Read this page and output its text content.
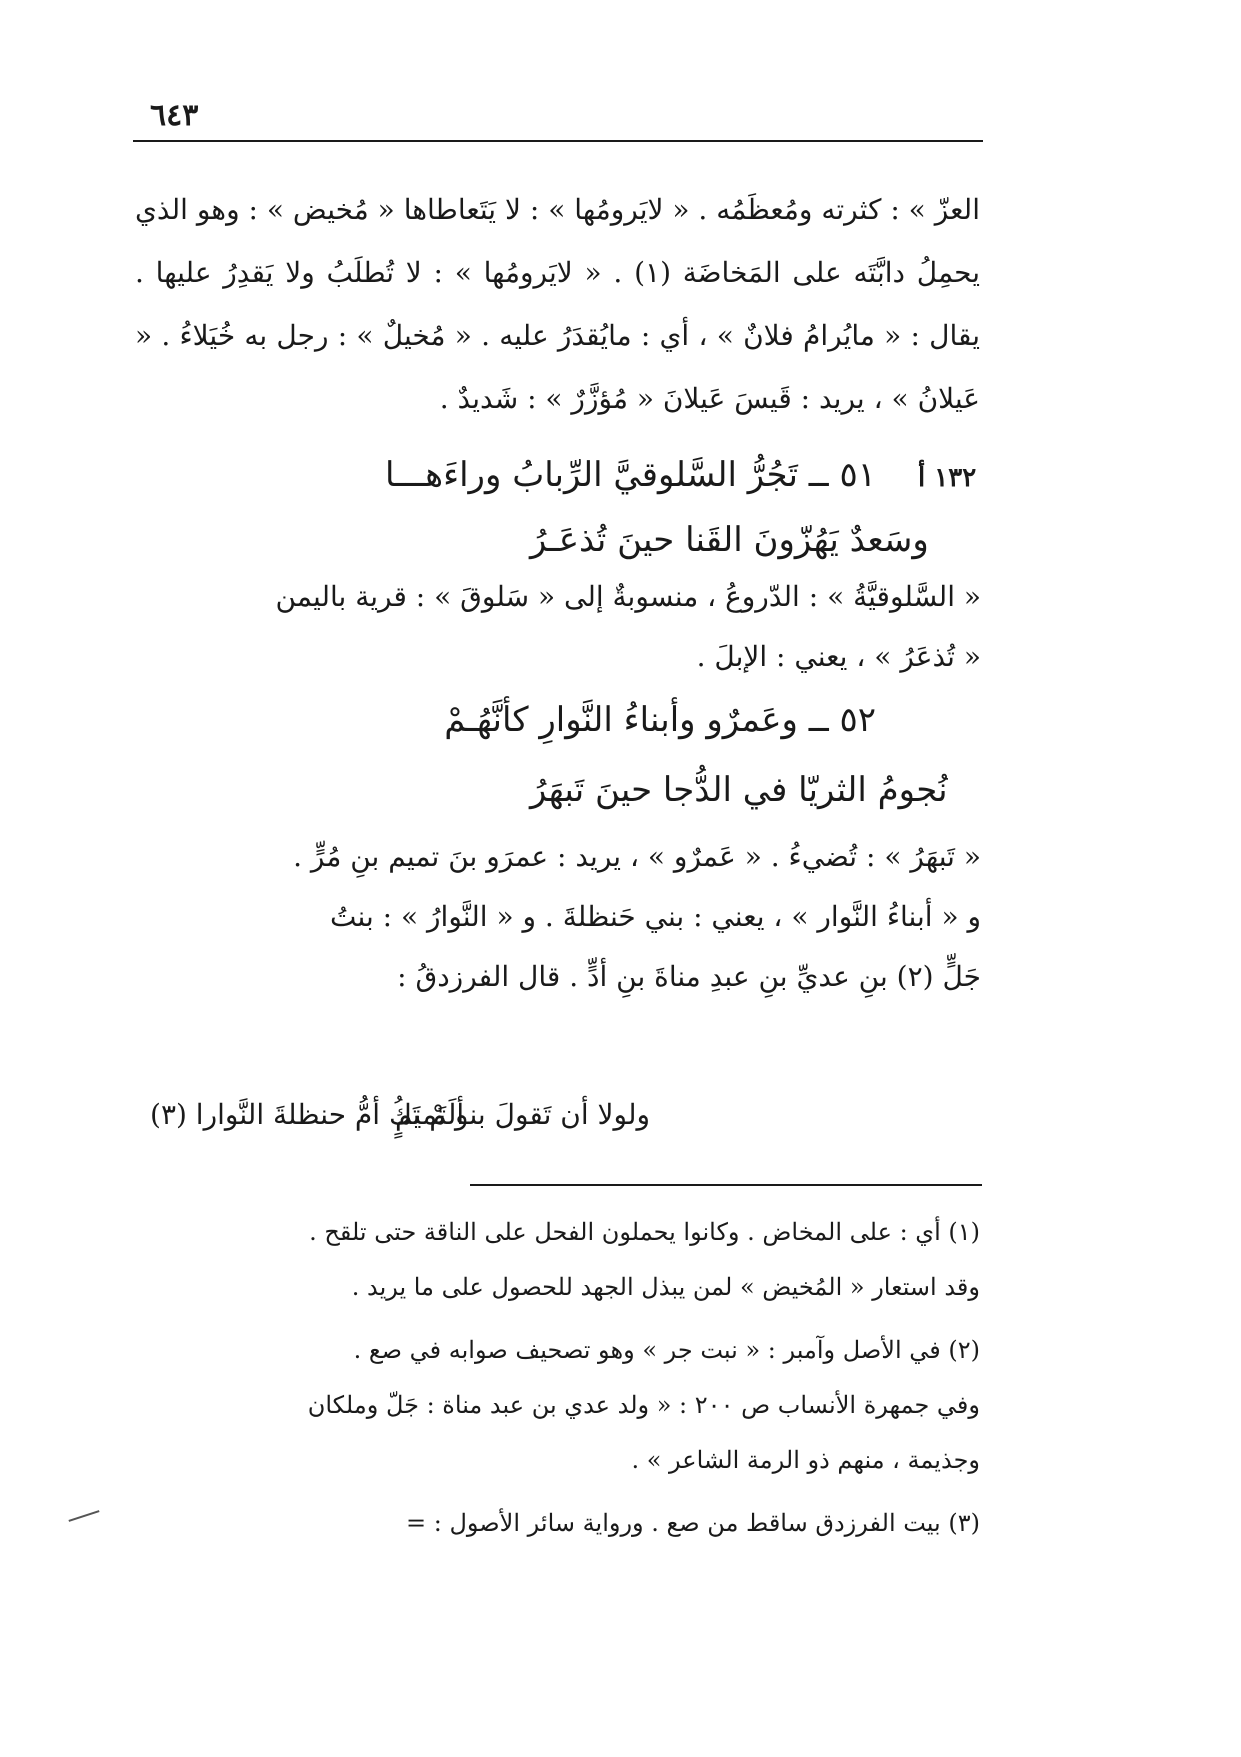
٦٤٣

العزّ » : كثرته ومُعظَمُه . « لايَرومُها » : لا يَتَعاطاها « مُخيض » : وهو الذي يحمِلُ دابَّتَه على المَخاضَة (١) . « لايَرومُها » : لا تُطلَبُ ولا يَقدِرُ عليها . يقال : « مايُرامُ فلانٌ » ، أي : مايُقدَرُ عليه . « مُخيلٌ » : رجل به خُيَلاءُ . « عَيلانُ » ، يريد : قَيسَ عَيلانَ « مُؤزَّرٌ » : شَديدٌ .

١٣٢ أ
٥١ ــ تَجُرُّ السَّلوقيَّ الرِّبابُ وراءَهـــا
وسَعدٌ يَهُزّونَ القَنا حينَ تُذعَـرُ
« السَّلوقيَّةُ » : الدّروعُ ، منسوبةٌ إلى « سَلوقَ » : قرية باليمن
« تُذعَرُ » ، يعني : الإبلَ .
٥٢ ــ وعَمرٌو وأبناءُ النَّوارِ كأنَّهُـمْ
نُجومُ الثريّا في الدُّجا حينَ تَبهَرُ
« تَبهَرُ » : تُضيءُ . « عَمرٌو » ، يريد : عمرَو بنَ تميم بنِ مُرٍّ .
و « أبناءُ النَّوار » ، يعني : بني حَنظلةَ . و « النَّوارُ » : بنتُ
جَلٍّ (٢) بنِ عديِّ بنِ عبدِ مناةَ بنِ أدٍّ . قال الفرزدقُ :
ولولا أن تَقولَ بنو تَميمٍ
ألَمْ تَكُ أمُّ حنظلةَ النَّوارا (٣)

(١) أي : على المخاض . وكانوا يحملون الفحل على الناقة حتى تلقح .

وقد استعار « المُخيض » لمن يبذل الجهد للحصول على ما يريد .

(٢) في الأصل وآمبر : « نبت جر » وهو تصحيف صوابه في صع .

وفي جمهرة الأنساب ص ٢٠٠ : « ولد عدي بن عبد مناة : جَلّ وملكان

وجذيمة ، منهم ذو الرمة الشاعر » .

(٣) بيت الفرزدق ساقط من صع . ورواية سائر الأصول : =
